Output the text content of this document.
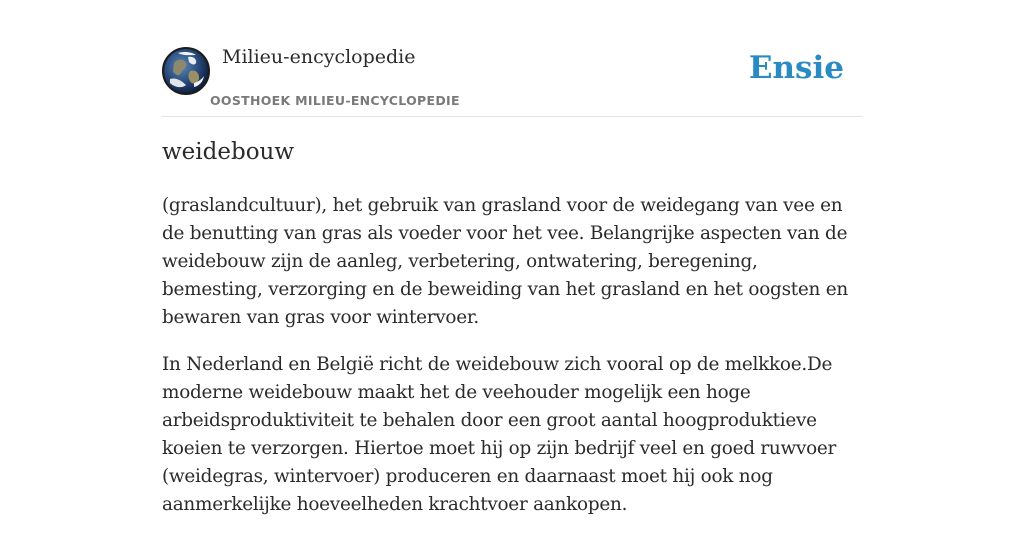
Milieu-encyclopedie
OOSTHOEK MILIEU-ENCYCLOPEDIE
Ensie
weidebouw

(graslandcultuur), het gebruik van grasland voor de weidegang van vee en de benutting van gras als voeder voor het vee. Belangrijke aspecten van de weidebouw zijn de aanleg, verbetering, ontwatering, beregening, bemesting, verzorging en de beweiding van het grasland en het oogsten en bewaren van gras voor wintervoer.

In Nederland en België richt de weidebouw zich vooral op de melkkoe.De moderne weidebouw maakt het de veehouder mogelijk een hoge arbeidsproduktiviteit te behalen door een groot aantal hoogproduktieve koeien te verzorgen. Hiertoe moet hij op zijn bedrijf veel en goed ruwvoer (weidegras, wintervoer) produceren en daarnaast moet hij ook nog aanmerkelijke hoeveelheden krachtvoer aankopen.
